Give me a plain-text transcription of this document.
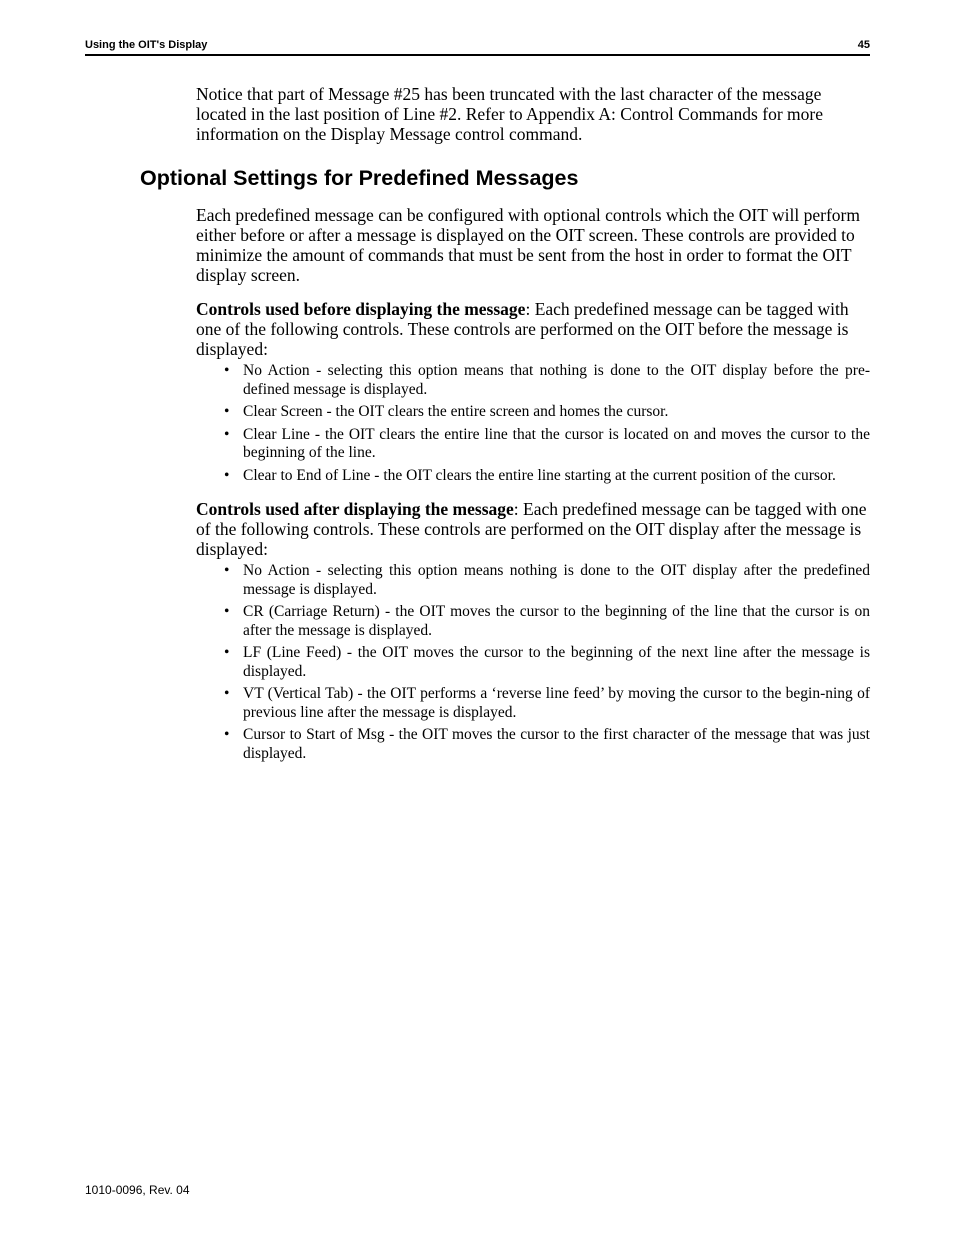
Using the OIT's Display	45

Notice that part of Message #25 has been truncated with the last character of the message located in the last position of Line #2. Refer to Appendix A: Control Commands for more information on the Display Message control command.

Optional Settings for Predefined Messages

Each predefined message can be configured with optional controls which the OIT will perform either before or after a message is displayed on the OIT screen. These controls are provided to minimize the amount of commands that must be sent from the host in order to format the OIT display screen.

Controls used before displaying the message: Each predefined message can be tagged with one of the following controls. These controls are performed on the OIT before the message is displayed:

• No Action - selecting this option means that nothing is done to the OIT display before the pre-defined message is displayed.
• Clear Screen - the OIT clears the entire screen and homes the cursor.
• Clear Line - the OIT clears the entire line that the cursor is located on and moves the cursor to the beginning of the line.
• Clear to End of Line - the OIT clears the entire line starting at the current position of the cursor.

Controls used after displaying the message: Each predefined message can be tagged with one of the following controls. These controls are performed on the OIT display after the message is displayed:

• No Action - selecting this option means nothing is done to the OIT display after the predefined message is displayed.
• CR (Carriage Return) - the OIT moves the cursor to the beginning of the line that the cursor is on after the message is displayed.
• LF (Line Feed) - the OIT moves the cursor to the beginning of the next line after the message is displayed.
• VT (Vertical Tab) - the OIT performs a ‘reverse line feed’ by moving the cursor to the begin-ning of previous line after the message is displayed.
• Cursor to Start of Msg - the OIT moves the cursor to the first character of the message that was just displayed.
1010-0096, Rev. 04
